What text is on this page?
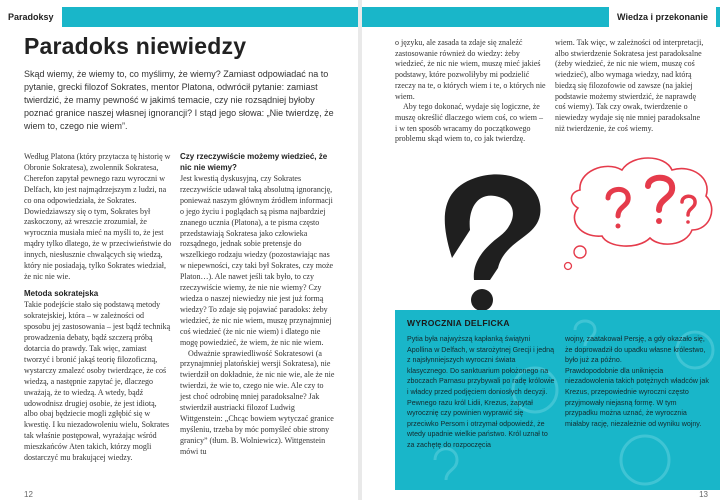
Paradoksy
Paradoks niewiedzy

Skąd wiemy, że wiemy to, co myślimy, że wiemy? Zamiast odpowiadać na to pytanie, grecki filozof Sokrates, mentor Platona, odwrócił pytanie: zamiast twierdzić, że mamy pewność w jakimś temacie, czy nie rozsądniej byłoby poznać granice naszej własnej ignorancji? I stąd jego słowa: „Nie twierdzę, że wiem to, czego nie wiem”.

Według Platona (który przytacza tę historię w Obronie Sokratesa), zwolennik Sokratesa, Cherefon zapytał pewnego razu wyroczni w Delfach, kto jest najmądrzejszym z ludzi, na co ona odpowiedziała, że Sokrates. Dowiedziawszy się o tym, Sokrates był zaskoczony, aż wreszcie zrozumiał, że wyrocznia musiała mieć na myśli to, że jest mądry tylko dlatego, że w przeciwieństwie do innych, niesłusznie chwalących się wiedzą, który nie posiadają, tylko Sokrates wiedział, że nic nie wie.

Metoda sokratejska

Takie podejście stało się podstawą metody sokratejskiej, która – w zależności od sposobu jej zastosowania – jest bądź techniką prowadzenia debaty, bądź szczerą próbą dotarcia do prawdy. Tak więc, zamiast tworzyć i bronić jakąś teorię filozoficzną, wystarczy zmalezć osoby twierdzące, że coś wiedzą, a następnie zapytać je, dlaczego uważają, że to wiedzą. A wtedy, bądź udowodnisz drugiej osobie, że jest idiotą, albo obaj będziecie mogli zgłębić się w kwestię. I ku niezadowoleniu wielu, Sokrates tak właśnie postępował, wyrażając wśród mieszkańców Aten takich, którzy mogli dostarczyć mu brakującej wiedzy.

Czy rzeczywiście możemy wiedzieć, że nic nie wiemy?

Jest kwestią dyskusyjną, czy Sokrates rzeczywiście udawał taką absolutną ignorancję, ponieważ naszym głównym źródłem informacji o jego życiu i poglądach są pisma najbardziej znanego ucznia (Platona), a te pisma często przedstawiają Sokratesa jako człowieka rozsądnego, jednak sobie pretensje do wszelkiego rodzaju wiedzy (pozostawiając nas w niepewności, czy taki był Sokrates, czy może Platon…). Ale nawet jeśli tak było, to czy rzeczywiście wiemy, że nie nie wiemy? Czy wiedza o naszej niewiedzy nie jest już formą wiedzy? To zdaje się pojawiać paradoks: żeby wiedzieć, że nic nie wiem, muszę przynajmniej coś wiedzieć (że nic nie wiem) i dlatego nie mogę powiedzieć, że wiem, że nic nie wiem.

Odważnie sprawiedliwość Sokratesowi (a przynajmniej platońskiej wersji Sokratesa), nie twierdził on dokładnie, że nic nie wie, ale że nie twierdzi, że wie to, czego nie wie. Ale czy to jest choć odrobinę mniej paradoksalne? Jak stwierdził austriacki filozof Ludwig Wittgenstein: „Chcąc bowiem wytyczać granice myśleniu, trzeba by móc pomyśleć obie strony granicy” (tłum. B. Wolniewicz). Wittgenstein mówi tu

12
Wiedza i przekonanie

o języku, ale zasada ta zdaje się znaleźć zastosowanie również do wiedzy: żeby wiedzieć, że nic nie wiem, muszę mieć jakieś podstawy, które pozwoliłyby mi podzielić rzeczy na te, o których wiem i te, o których nie wiem.

Aby tego dokonać, wydaje się logiczne, że muszę określić dlaczego wiem coś, co wiem – i w ten sposób wracamy do początkowego problemu skąd wiem to, co jak twierdzę.

wiem. Tak więc, w zależności od interpretacji, albo stwierdzenie Sokratesa jest paradoksalne (żeby wiedzieć, że nic nie wiem, muszę coś wiedzieć), albo wymaga wiedzy, nad którą biedzą się filozofowie od zawsze (na jakiej podstawie możemy stwierdzić, że naprawdę coś wiemy). Tak czy owak, twierdzenie o niewiedzy wydaje się nie mniej paradoksalne niż twierdzenie, że coś wiemy.

13
WYROCZNIA DELFICKA

Pytia była najwyższą kapłanką świątyni Apollina w Delfach, w starożytnej Grecji i jedną z najsłynniejszych wyroczni świata klasycznego. Do sanktuarium położonego na zboczach Parnasu przybywali po radę królowie i władcy przed podjęciem doniosłych decyzji.
Pewnego razu król Lidii, Krezus, zapytał wyrocznię czy powinien wyprawić się przeciwko Persom i otrzymał odpowiedź, że wtedy upadnie wielkie państwo. Król uznał to za zachętę do rozpoczęcia

wojny, zaatakował Persję, a gdy okazało się, że doprowadził do upadku własne królestwo, było już za późno.
Prawdopodobnie dla uniknięcia niezadowolenia takich potężnych władców jak Krezus, przepowiednie wyroczni często przyjmowały niejasną formę. W tym przypadku można uznać, że wyrocznia miałaby rację, niezależnie od wyniku wojny.
